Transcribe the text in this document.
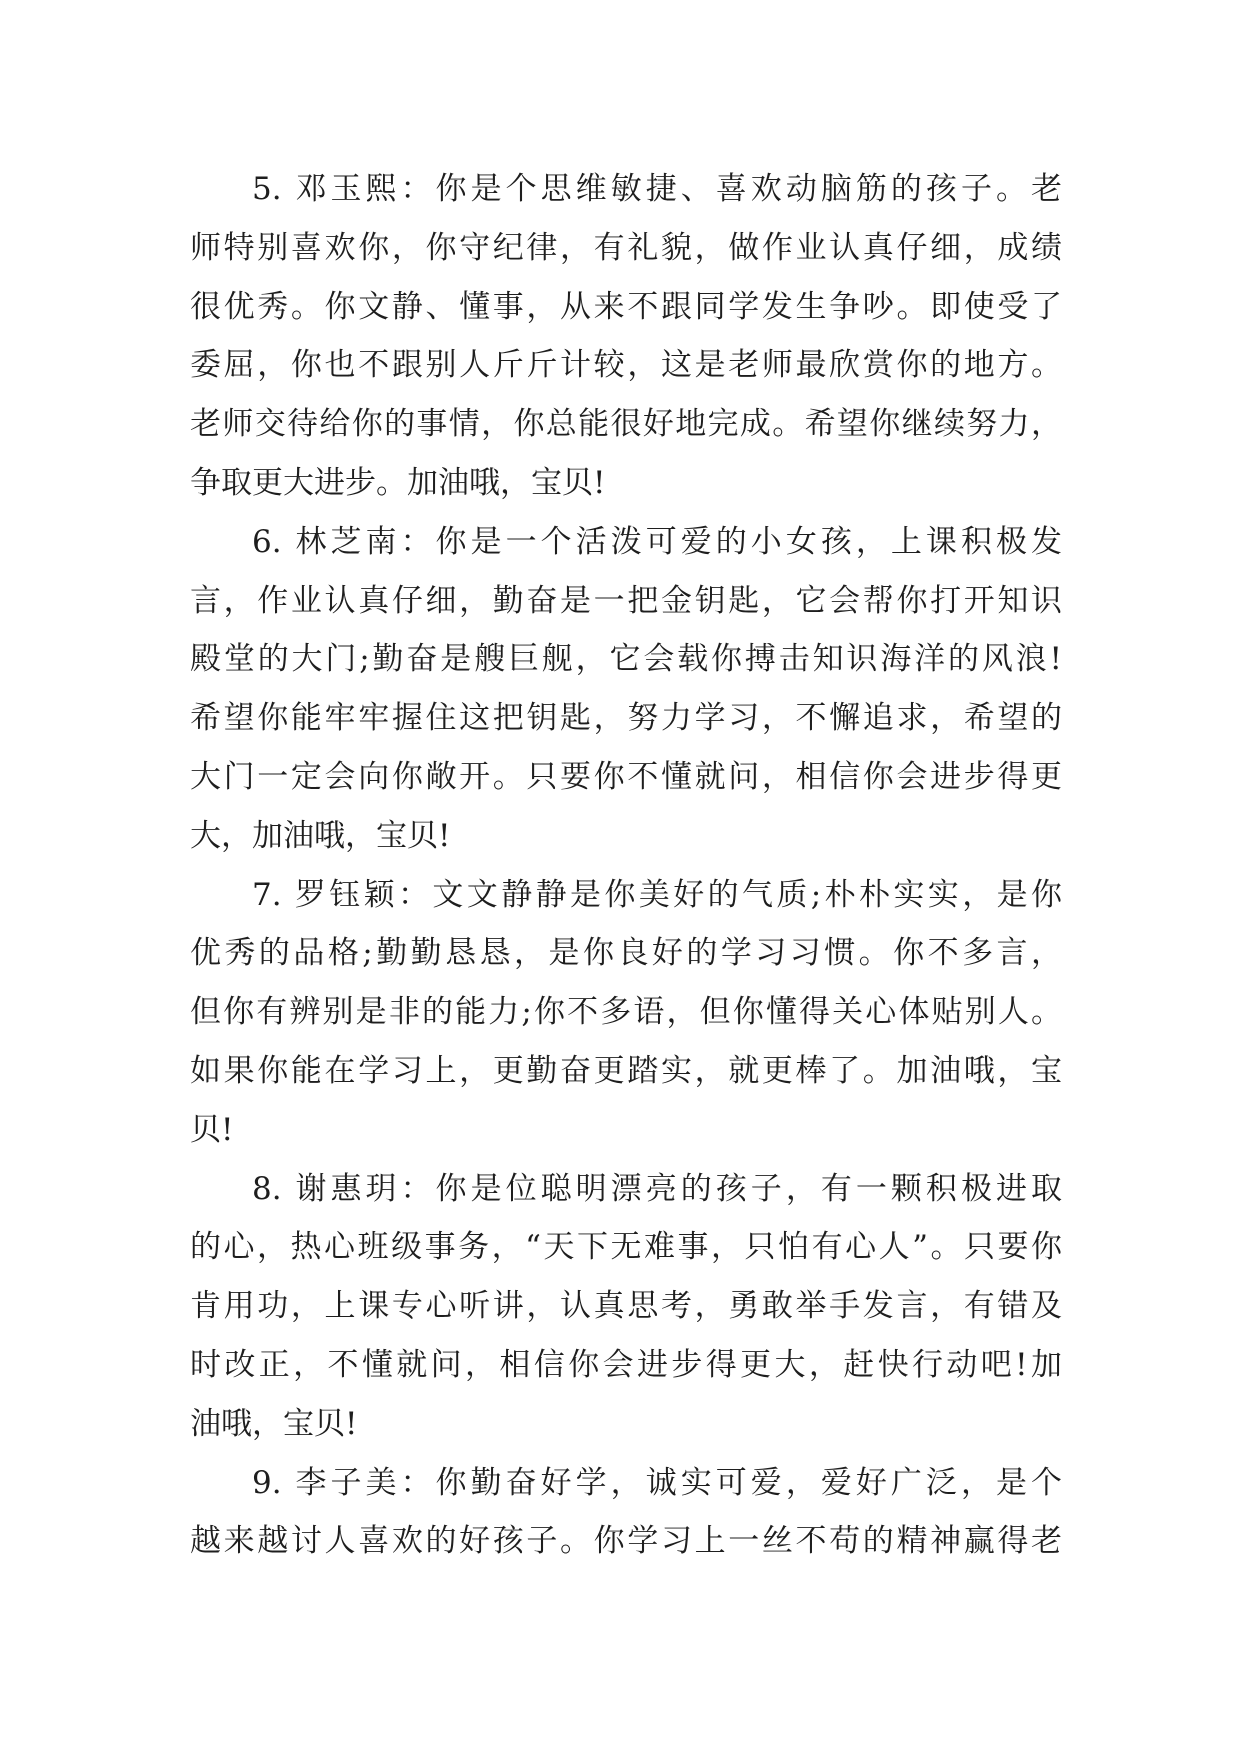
5. 邓玉熙：你是个思维敏捷、喜欢动脑筋的孩子。老
师特别喜欢你，你守纪律，有礼貌，做作业认真仔细，成绩
很优秀。你文静、懂事，从来不跟同学发生争吵。即使受了
委屈，你也不跟别人斤斤计较，这是老师最欣赏你的地方。
老师交待给你的事情，你总能很好地完成。希望你继续努力，
争取更大进步。加油哦，宝贝!
6. 林芝南：你是一个活泼可爱的小女孩，上课积极发
言，作业认真仔细，勤奋是一把金钥匙，它会帮你打开知识
殿堂的大门;勤奋是艘巨舰，它会载你搏击知识海洋的风浪!
希望你能牢牢握住这把钥匙，努力学习，不懈追求，希望的
大门一定会向你敞开。只要你不懂就问，相信你会进步得更
大，加油哦，宝贝!
7. 罗钰颖：文文静静是你美好的气质;朴朴实实，是你
优秀的品格;勤勤恳恳，是你良好的学习习惯。你不多言，
但你有辨别是非的能力;你不多语，但你懂得关心体贴别人。
如果你能在学习上，更勤奋更踏实，就更棒了。加油哦，宝
贝!
8. 谢惠玥：你是位聪明漂亮的孩子，有一颗积极进取
的心，热心班级事务，“天下无难事，只怕有心人”。只要你
肯用功，上课专心听讲，认真思考，勇敢举手发言，有错及
时改正，不懂就问，相信你会进步得更大，赶快行动吧!加
油哦，宝贝!
9. 李子美：你勤奋好学，诚实可爱，爱好广泛，是个
越来越讨人喜欢的好孩子。你学习上一丝不苟的精神赢得老
